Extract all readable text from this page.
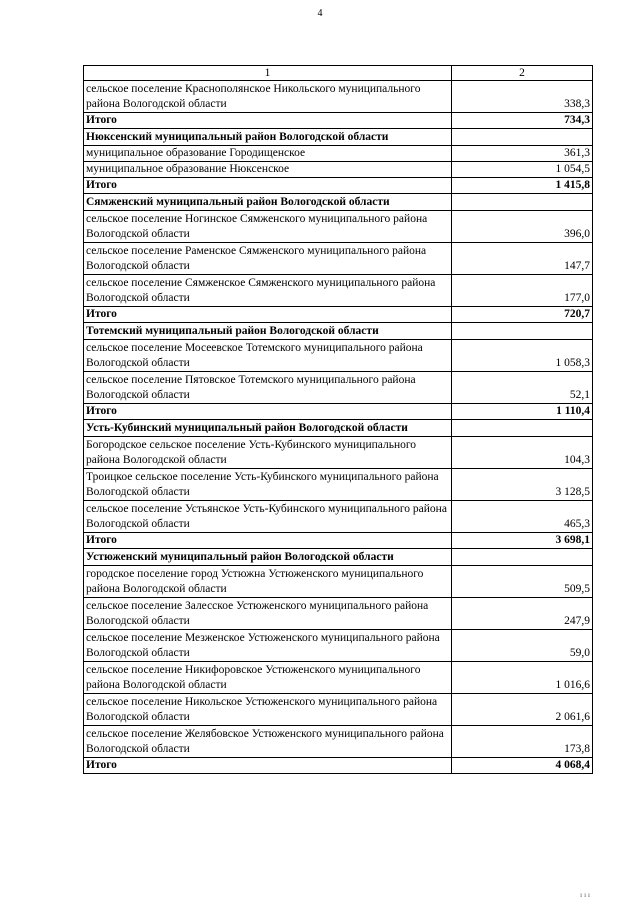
4
1	2
сельское поселение Краснополянское Никольского муниципального района Вологодской области	338,3
Итого	734,3
Нюксенский муниципальный район Вологодской области	
муниципальное образование Городищенское	361,3
муниципальное образование Нюксенское	1 054,5
Итого	1 415,8
Сямженский муниципальный район Вологодской области	
сельское поселение Ногинское Сямженского муниципального района Вологодской области	396,0
сельское поселение Раменское Сямженского муниципального района Вологодской области	147,7
сельское поселение Сямженское Сямженского муниципального района Вологодской области	177,0
Итого	720,7
Тотемский муниципальный район Вологодской области	
сельское поселение Мосеевское Тотемского муниципального района Вологодской области	1 058,3
сельское поселение Пятовское Тотемского муниципального района Вологодской области	52,1
Итого	1 110,4
Усть-Кубинский муниципальный район Вологодской области	
Богородское сельское поселение Усть-Кубинского муниципального района Вологодской области	104,3
Троицкое сельское поселение Усть-Кубинского муниципального района Вологодской области	3 128,5
сельское поселение Устьянское Усть-Кубинского муниципального района Вологодской области	465,3
Итого	3 698,1
Устюженский муниципальный район Вологодской области	
городское поселение город Устюжна Устюженского муниципального района Вологодской области	509,5
сельское поселение Залесское Устюженского муниципального района Вологодской области	247,9
сельское поселение Мезженское Устюженского муниципального района Вологодской области	59,0
сельское поселение Никифоровское Устюженского муниципального района Вологодской области	1 016,6
сельское поселение Никольское Устюженского муниципального района Вологодской области	2 061,6
сельское поселение Желябовское Устюженского муниципального района Вологодской области	173,8
Итого	4 068,4
ııı
